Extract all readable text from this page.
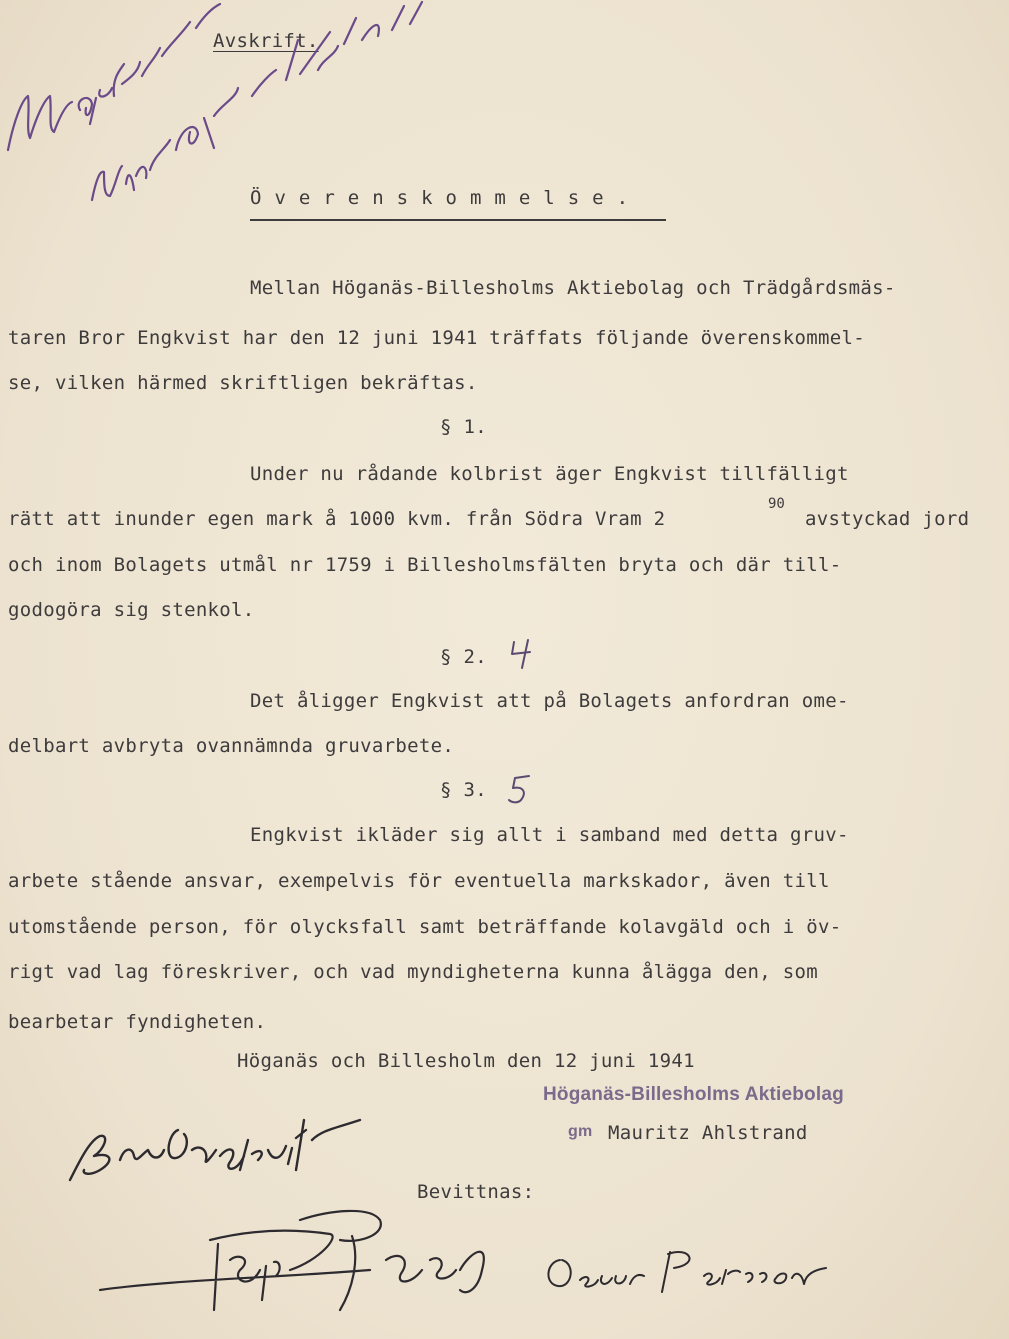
Avskrift.
Överenskommelse.
Mellan Höganäs-Billesholms Aktiebolag och Trädgårdsmäs-
taren Bror Engkvist har den 12 juni 1941 träffats följande överenskommel-
se, vilken härmed skriftligen bekräftas.
§ 1.
Under nu rådande kolbrist äger Engkvist tillfälligt
rätt att inunder egen mark å 1000 kvm. från Södra Vram 2
90
avstyckad jord
och inom Bolagets utmål nr 1759 i Billesholmsfälten bryta och där till-
godogöra sig stenkol.
§ 2.
Det åligger Engkvist att på Bolagets anfordran ome-
delbart avbryta ovannämnda gruvarbete.
§ 3.
Engkvist ikläder sig allt i samband med detta gruv-
arbete stående ansvar, exempelvis för eventuella markskador, även till
utomstående person, för olycksfall samt beträffande kolavgäld och i öv-
rigt vad lag föreskriver, och vad myndigheterna kunna ålägga den, som
bearbetar fyndigheten.
Höganäs och Billesholm den 12 juni 1941
Höganäs-Billesholms Aktiebolag
gm Mauritz Ahlstrand
Bevittnas:
